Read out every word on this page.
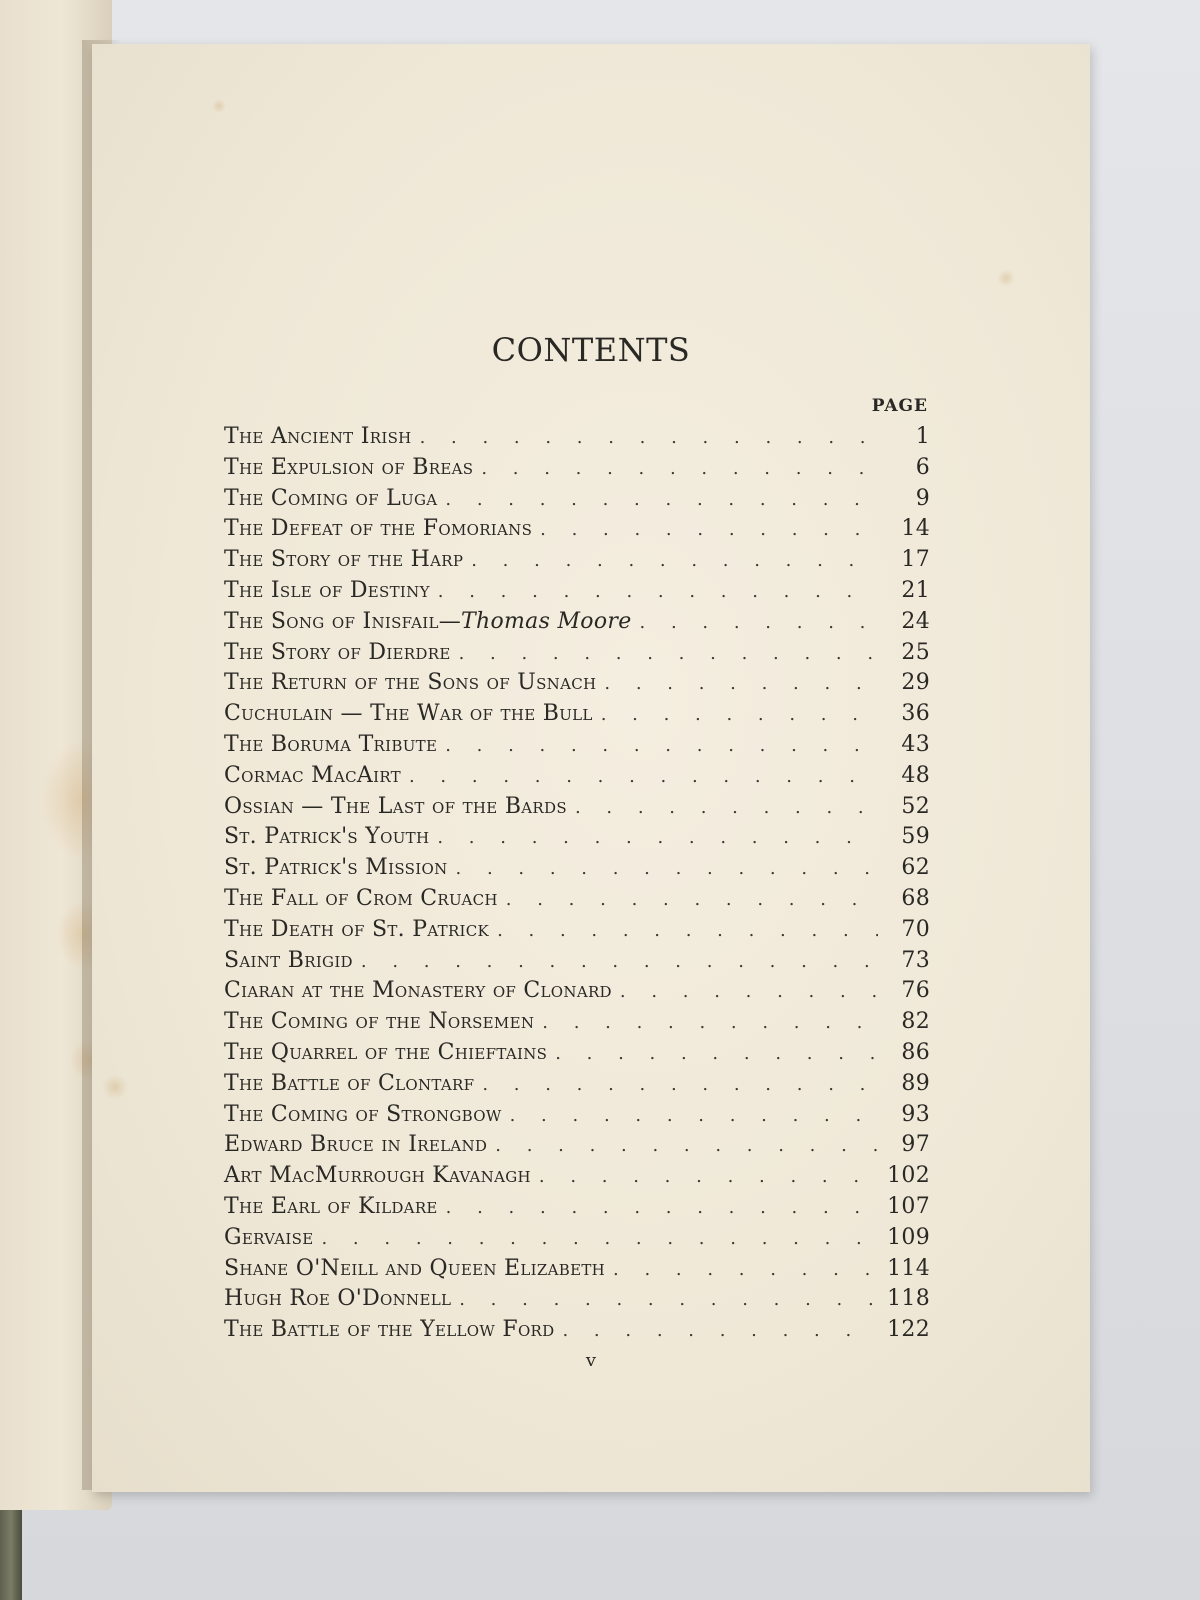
CONTENTS
PAGE
The Ancient Irish . . .	1
The Expulsion of Breas . . .	6
The Coming of Luga . . .	9
The Defeat of the Fomorians . . .	14
The Story of the Harp . . .	17
The Isle of Destiny . . .	21
The Song of Inisfail— Thomas Moore . . .	24
The Story of Dierdre . . .	25
The Return of the Sons of Usnach . . .	29
Cuchulain — The War of the Bull . . .	36
The Boruma Tribute . . .	43
Cormac MacAirt . . .	48
Ossian — The Last of the Bards . . .	52
St. Patrick's Youth . . .	59
St. Patrick's Mission . . .	62
The Fall of Crom Cruach . . .	68
The Death of St. Patrick . . .	70
Saint Brigid . . .	73
Ciaran at the Monastery of Clonard . . .	76
The Coming of the Norsemen . . .	82
The Quarrel of the Chieftains . . .	86
The Battle of Clontarf . . .	89
The Coming of Strongbow . . .	93
Edward Bruce in Ireland . . .	97
Art MacMurrough Kavanagh . . .	102
The Earl of Kildare . . .	107
Gervaise . . .	109
Shane O'Neill and Queen Elizabeth . . .	114
Hugh Roe O'Donnell . . .	118
The Battle of the Yellow Ford . . .	122
v
